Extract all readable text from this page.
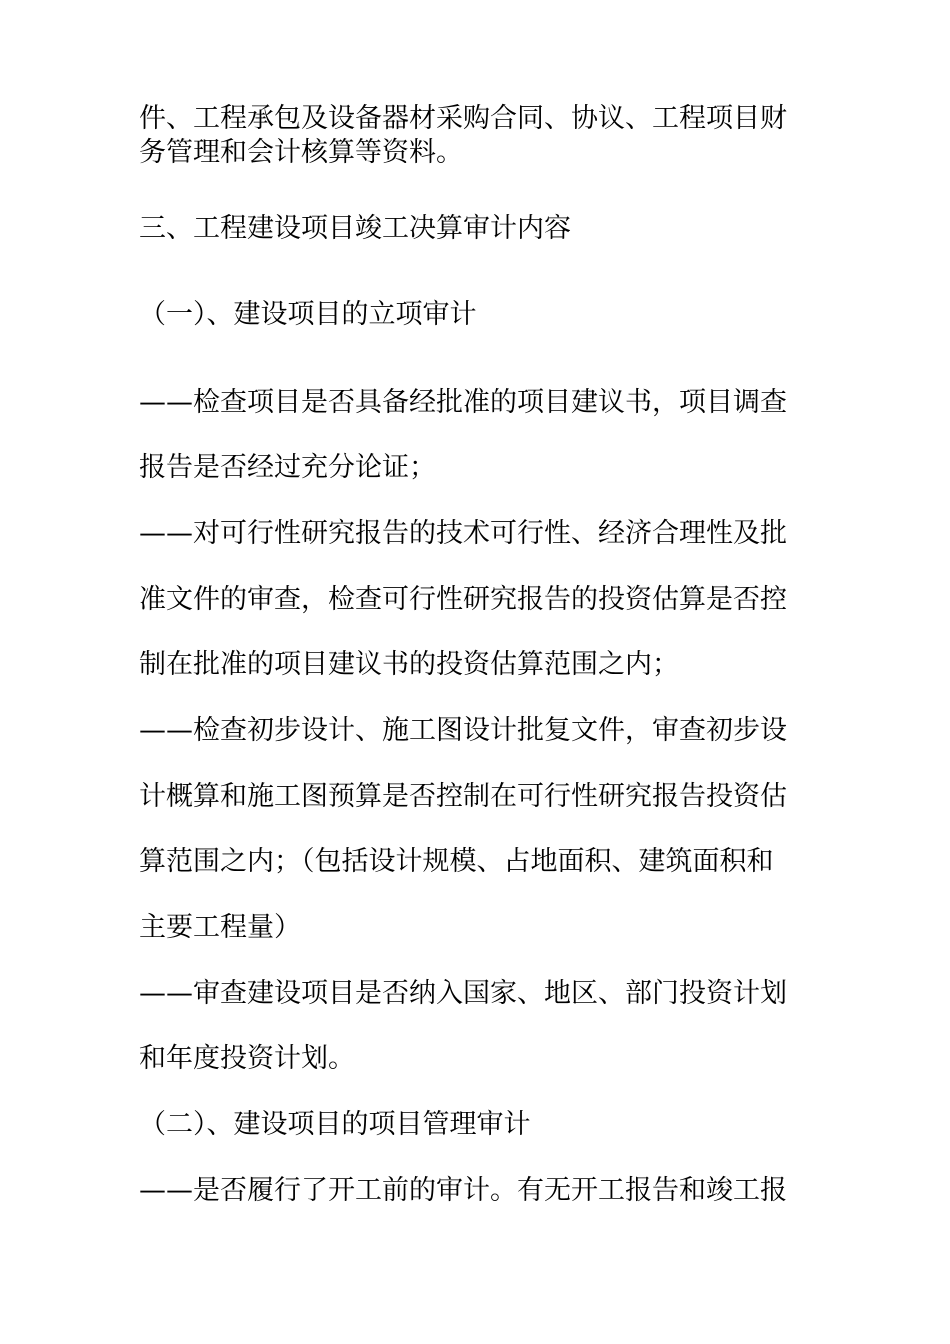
件、工程承包及设备器材采购合同、协议、工程项目财
务管理和会计核算等资料。
三、工程建设项目竣工决算审计内容
（一）、建设项目的立项审计
——检查项目是否具备经批准的项目建议书，项目调查
报告是否经过充分论证；
——对可行性研究报告的技术可行性、经济合理性及批
准文件的审查，检查可行性研究报告的投资估算是否控
制在批准的项目建议书的投资估算范围之内；
——检查初步设计、施工图设计批复文件，审查初步设
计概算和施工图预算是否控制在可行性研究报告投资估
算范围之内；（包括设计规模、占地面积、建筑面积和
主要工程量）
——审查建设项目是否纳入国家、地区、部门投资计划
和年度投资计划。
（二）、建设项目的项目管理审计
——是否履行了开工前的审计。有无开工报告和竣工报
